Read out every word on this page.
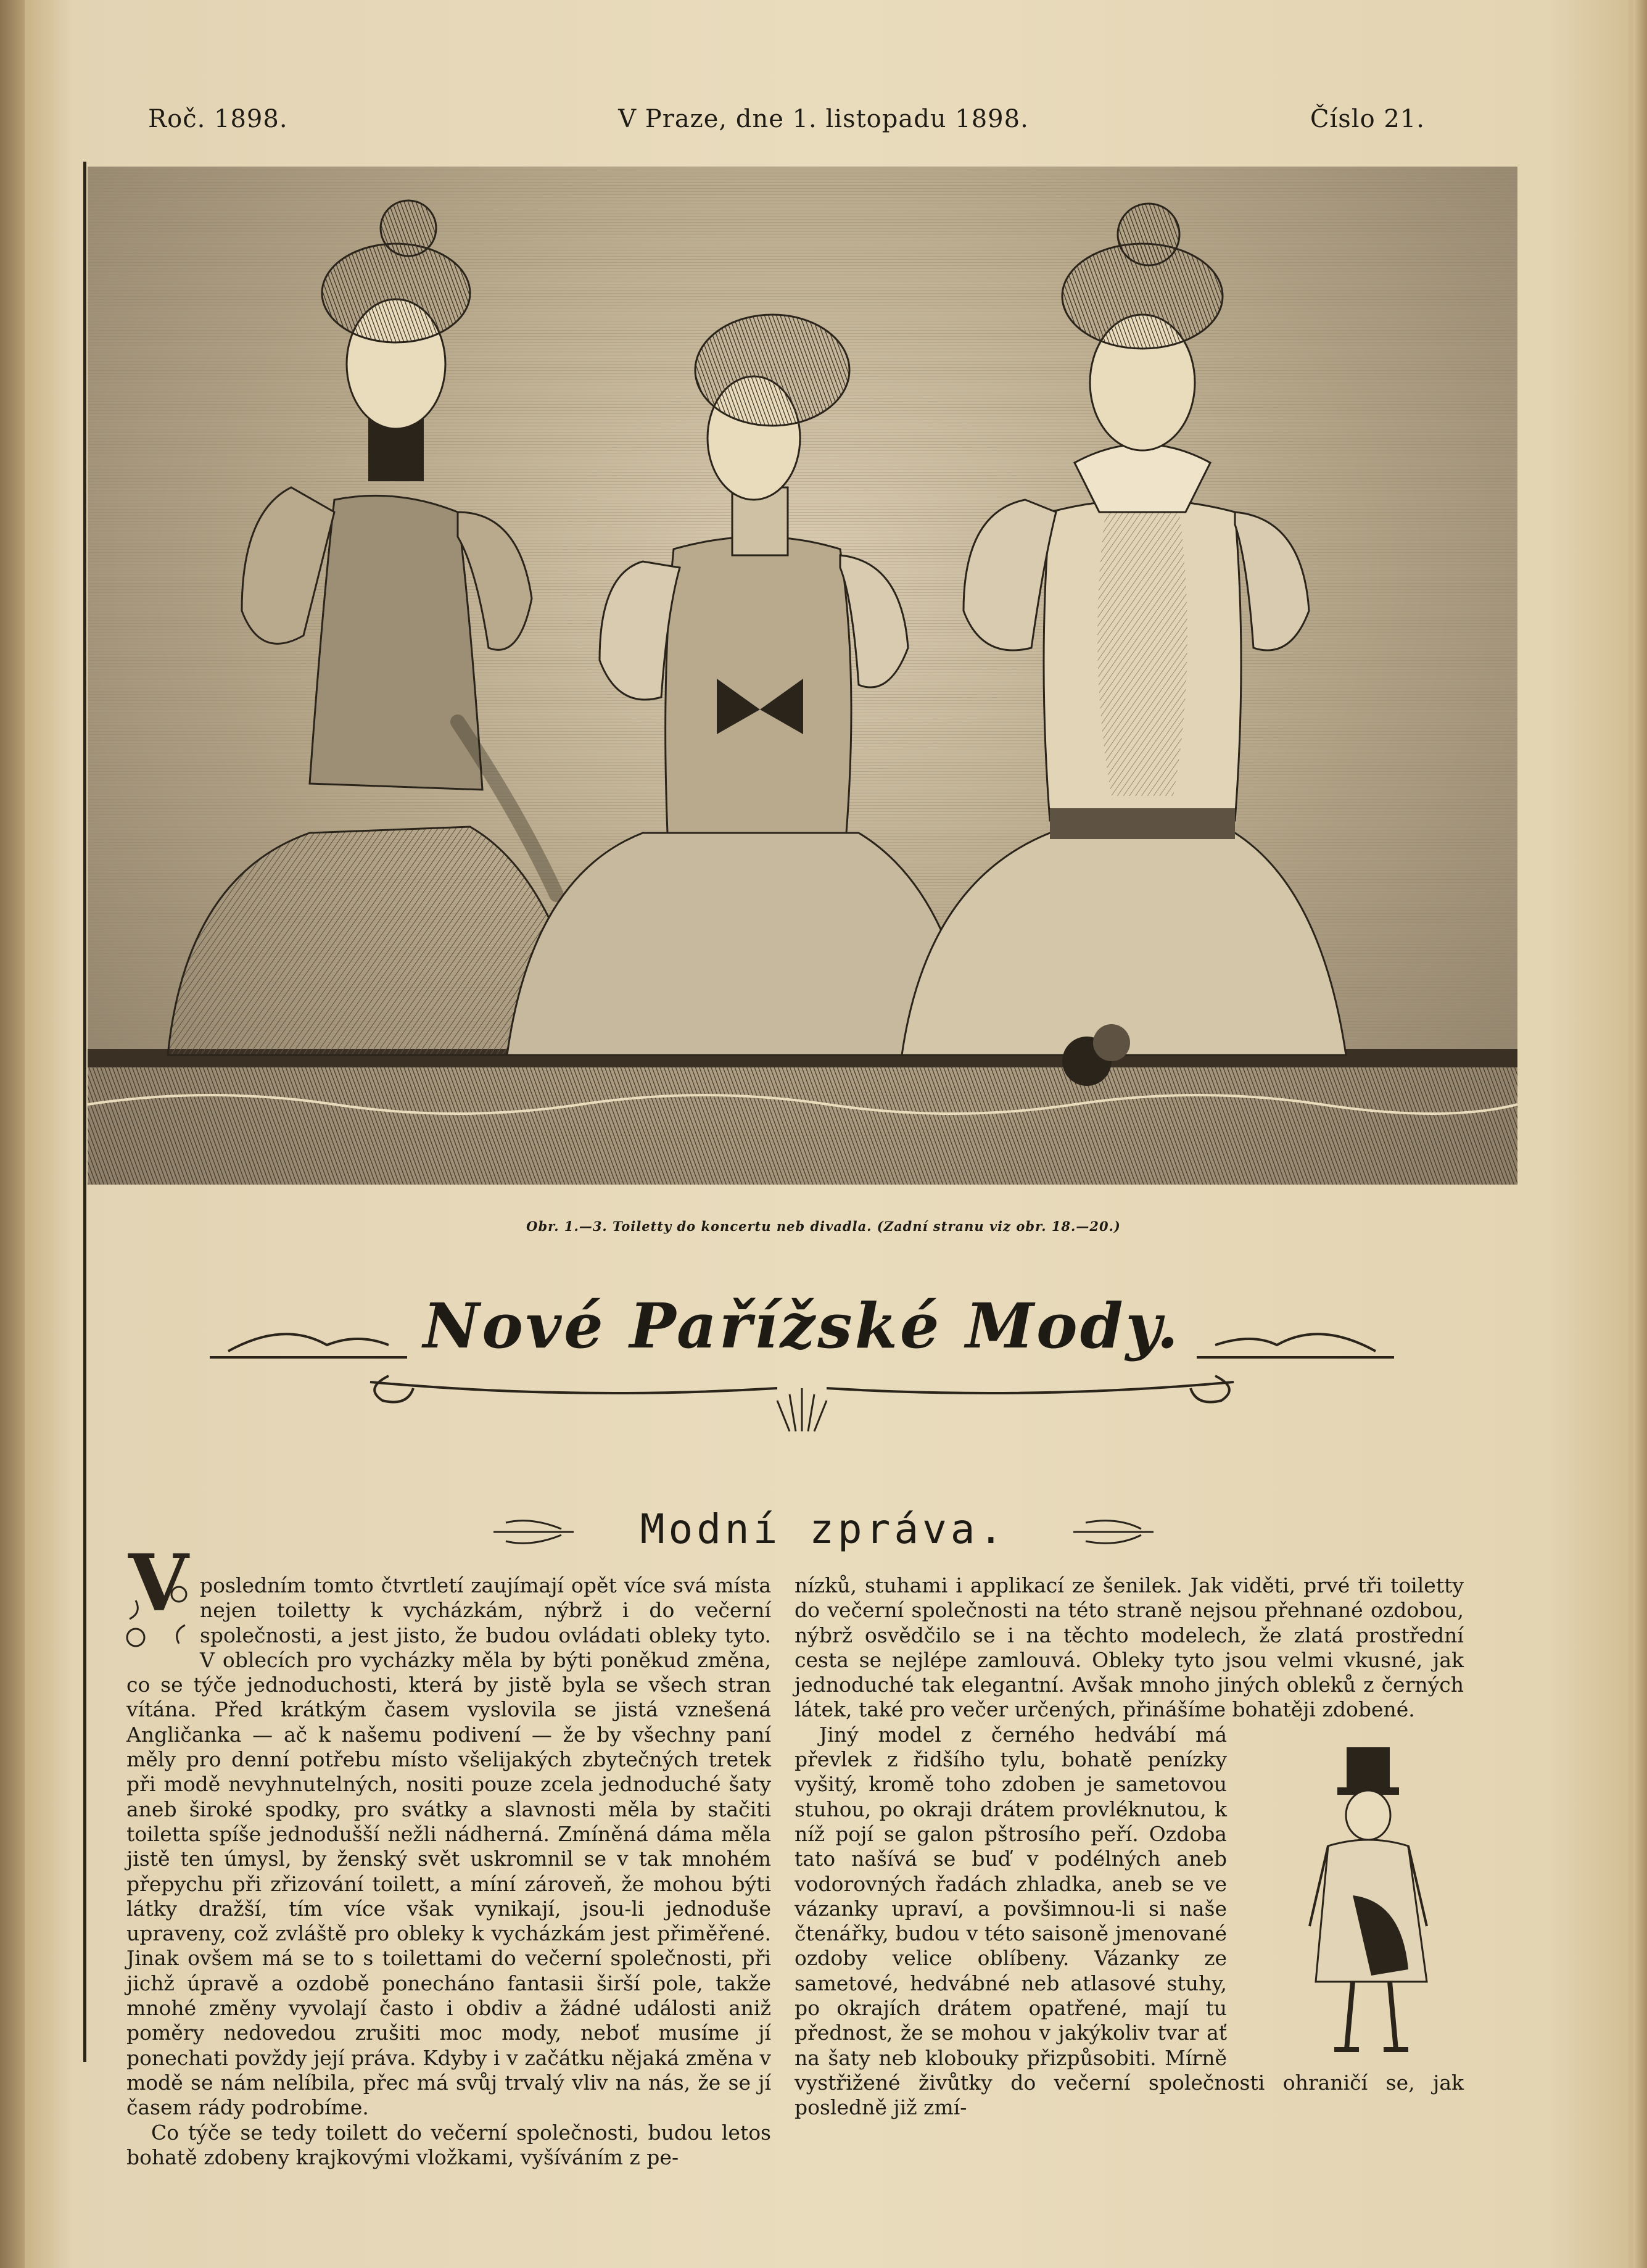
Roč. 1898.	V Praze, dne 1. listopadu 1898.	Číslo 21.
Obr. 1.—3. Toiletty do koncertu neb divadla. (Zadní stranu viz obr. 18.—20.)
Nové Pařížské Mody.
Modní zpráva.

V posledním tomto čtvrtletí zaujímají opět více svá místa nejen toiletty k vycházkám, nýbrž i do večerní společnosti, a jest jisto, že budou ovládati obleky tyto. V oblecích pro vycházky měla by býti poněkud změna, co se týče jednoduchosti, která by jistě byla se všech stran vítána. Před krátkým časem vyslovila se jistá vznešená Angličanka — ač k našemu podivení — že by všechny paní měly pro denní potřebu místo všelijakých zbytečných tretek při modě nevyhnutelných, nositi pouze zcela jednoduché šaty aneb široké spodky, pro svátky a slavnosti měla by stačiti toiletta spíše jednodušší nežli nádherná. Zmíněná dáma měla jistě ten úmysl, by ženský svět uskromnil se v tak mnohém přepychu při zřizování toilett, a míní zároveň, že mohou býti látky dražší, tím více však vynikají, jsou-li jednoduše upraveny, což zvláště pro obleky k vycházkám jest přiměřené. Jinak ovšem má se to s toilettami do večerní společnosti, při jichž úpravě a ozdobě ponecháno fantasii širší pole, takže mnohé změny vyvolají často i obdiv a žádné události aniž poměry nedovedou zrušiti moc mody, neboť musíme jí ponechati povždy její práva. Kdyby i v začátku nějaká změna v modě se nám nelíbila, přec má svůj trvalý vliv na nás, že se jí časem rády podrobíme.

Co týče se tedy toilett do večerní společnosti, budou letos bohatě zdobeny krajkovými vložkami, vyšíváním z pe-

nízků, stuhami i applikací ze šenilek. Jak viděti, prvé tři toiletty do večerní společnosti na této straně nejsou přehnané ozdobou, nýbrž osvědčilo se i na těchto modelech, že zlatá prostřední cesta se nejlépe zamlouvá. Obleky tyto jsou velmi vkusné, jak jednoduché tak elegantní. Avšak mnoho jiných obleků z černých látek, také pro večer určených, přinášíme bohatěji zdobené.

Jiný model z černého hedvábí má převlek z řidšího tylu, bohatě penízky vyšitý, kromě toho zdoben je sametovou stuhou, po okraji drátem provléknutou, k níž pojí se galon pštrosího peří. Ozdoba tato našívá se buď v podélných aneb vodorovných řadách zhladka, aneb se ve vázanky upraví, a povšimnou-li si naše čtenářky, budou v této saisoně jmenované ozdoby velice oblíbeny. Vázanky ze sametové, hedvábné neb atlasové stuhy, po okrajích drátem opatřené, mají tu přednost, že se mohou v jakýkoliv tvar ať na šaty neb klobouky přizpůsobiti. Mírně vystřižené živůtky do večerní společnosti ohraničí se, jak posledně již zmí-
